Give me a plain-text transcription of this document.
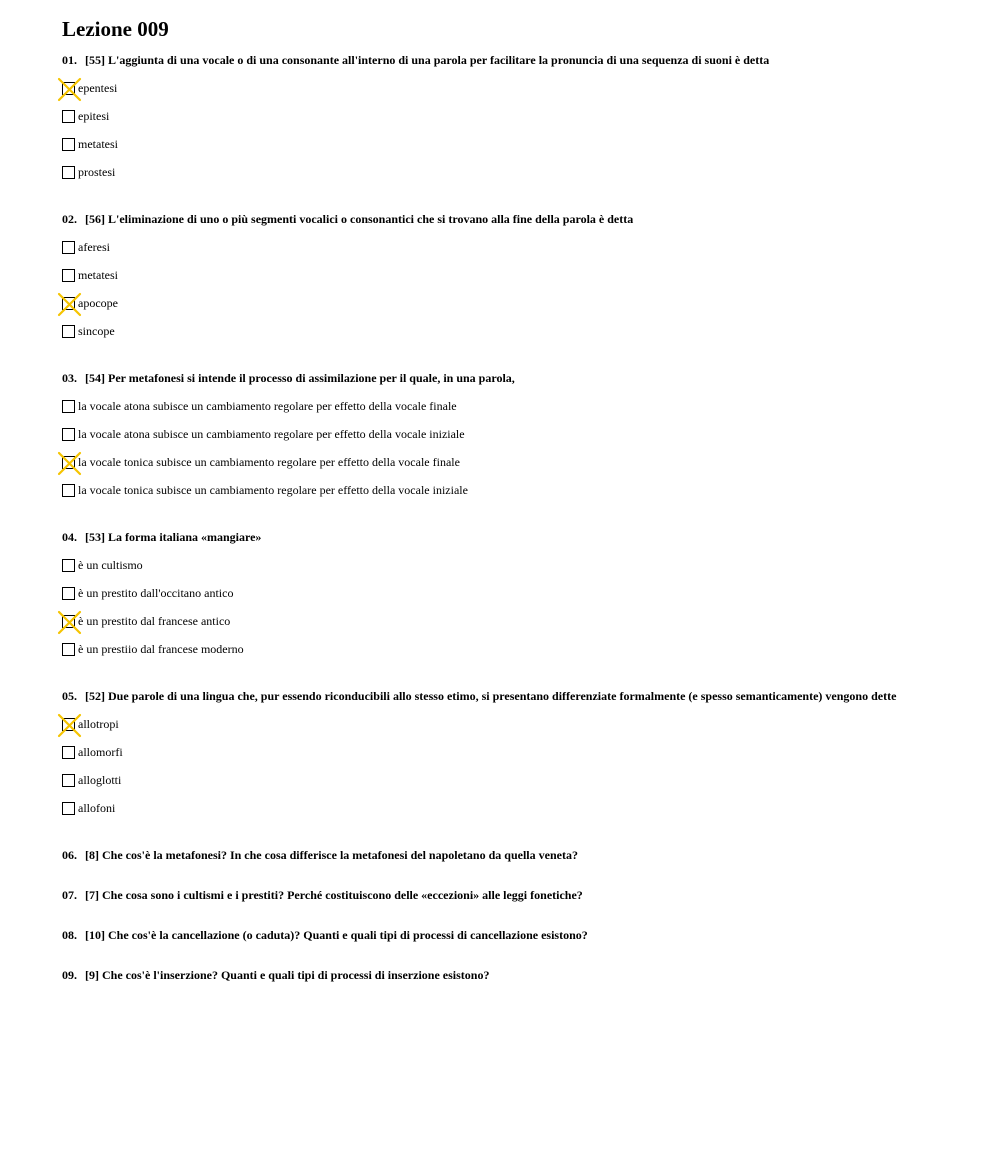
Lezione 009

01. [55] L'aggiunta di una vocale o di una consonante all'interno di una parola per facilitare la pronuncia di una sequenza di suoni è detta

epentesi
epitesi
metatesi
prostesi

02. [56] L'eliminazione di uno o più segmenti vocalici o consonantici che si trovano alla fine della parola è detta

aferesi
metatesi
apocope
sincope

03. [54] Per metafonesi si intende il processo di assimilazione per il quale, in una parola,

la vocale atona subisce un cambiamento regolare per effetto della vocale finale
la vocale atona subisce un cambiamento regolare per effetto della vocale iniziale
la vocale tonica subisce un cambiamento regolare per effetto della vocale finale
la vocale tonica subisce un cambiamento regolare per effetto della vocale iniziale

04. [53] La forma italiana «mangiare»

è un cultismo
è un prestito dall'occitano antico
è un prestito dal francese antico
è un prestiio dal francese moderno

05. [52] Due parole di una lingua che, pur essendo riconducibili allo stesso etimo, si presentano differenziate formalmente (e spesso semanticamente) vengono dette

allotropi
allomorfi
alloglotti
allofoni

06. [8] Che cos'è la metafonesi? In che cosa differisce la metafonesi del napoletano da quella veneta?

07. [7] Che cosa sono i cultismi e i prestiti? Perché costituiscono delle «eccezioni» alle leggi fonetiche?

08. [10] Che cos'è la cancellazione (o caduta)? Quanti e quali tipi di processi di cancellazione esistono?

09. [9] Che cos'è l'inserzione? Quanti e quali tipi di processi di inserzione esistono?
